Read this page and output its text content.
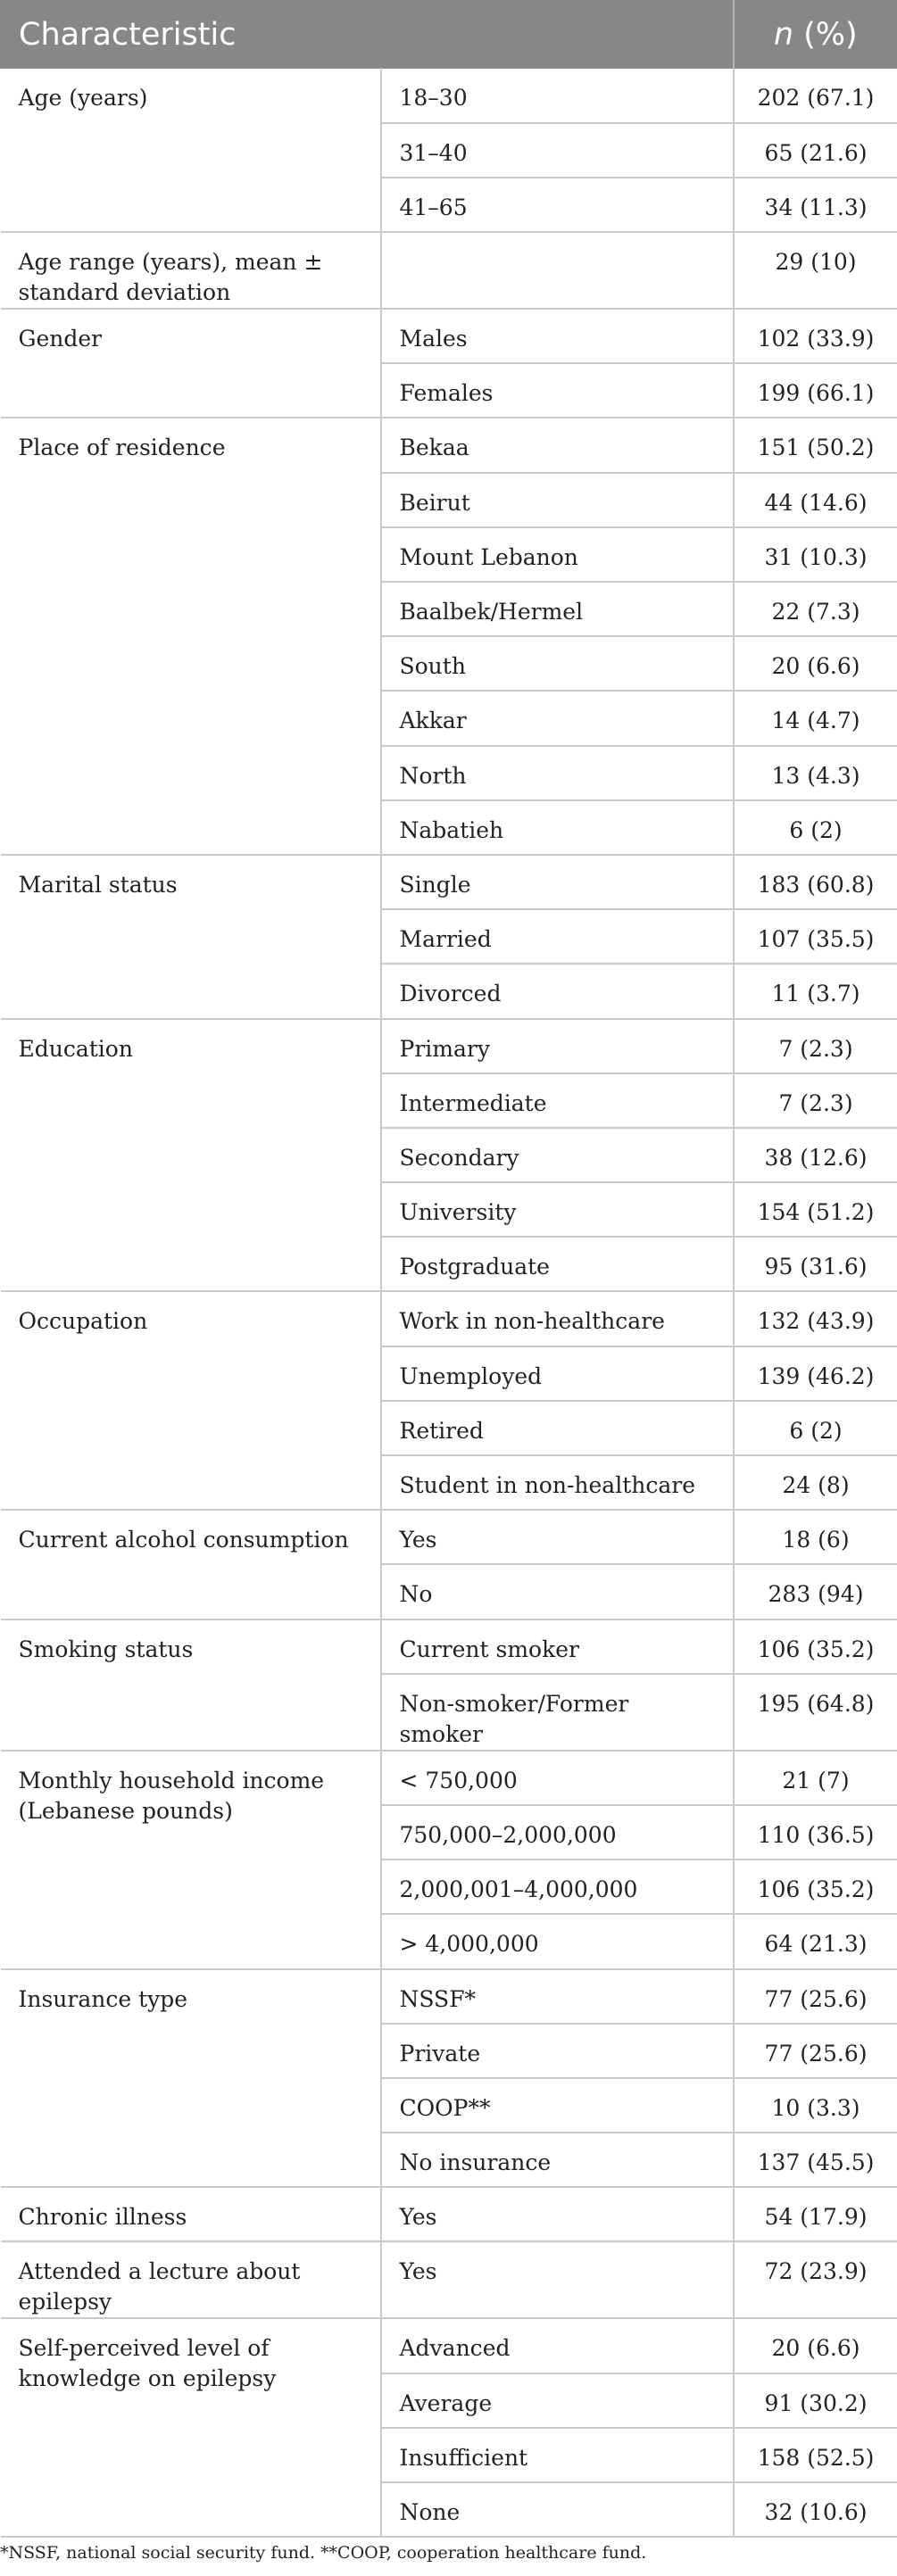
Characteristic		n (%)
Age (years)	18–30	202 (67.1)
	31–40	65 (21.6)
	41–65	34 (11.3)
Age range (years), mean ± standard deviation		29 (10)
Gender	Males	102 (33.9)
	Females	199 (66.1)
Place of residence	Bekaa	151 (50.2)
	Beirut	44 (14.6)
	Mount Lebanon	31 (10.3)
	Baalbek/Hermel	22 (7.3)
	South	20 (6.6)
	Akkar	14 (4.7)
	North	13 (4.3)
	Nabatieh	6 (2)
Marital status	Single	183 (60.8)
	Married	107 (35.5)
	Divorced	11 (3.7)
Education	Primary	7 (2.3)
	Intermediate	7 (2.3)
	Secondary	38 (12.6)
	University	154 (51.2)
	Postgraduate	95 (31.6)
Occupation	Work in non-healthcare	132 (43.9)
	Unemployed	139 (46.2)
	Retired	6 (2)
	Student in non-healthcare	24 (8)
Current alcohol consumption	Yes	18 (6)
	No	283 (94)
Smoking status	Current smoker	106 (35.2)
	Non-smoker/Former smoker	195 (64.8)
Monthly household income (Lebanese pounds)	< 750,000	21 (7)
	750,000–2,000,000	110 (36.5)
	2,000,001–4,000,000	106 (35.2)
	> 4,000,000	64 (21.3)
Insurance type	NSSF*	77 (25.6)
	Private	77 (25.6)
	COOP**	10 (3.3)
	No insurance	137 (45.5)
Chronic illness	Yes	54 (17.9)
Attended a lecture about epilepsy	Yes	72 (23.9)
Self-perceived level of knowledge on epilepsy	Advanced	20 (6.6)
	Average	91 (30.2)
	Insufficient	158 (52.5)
	None	32 (10.6)
*NSSF, national social security fund. **COOP, cooperation healthcare fund.
